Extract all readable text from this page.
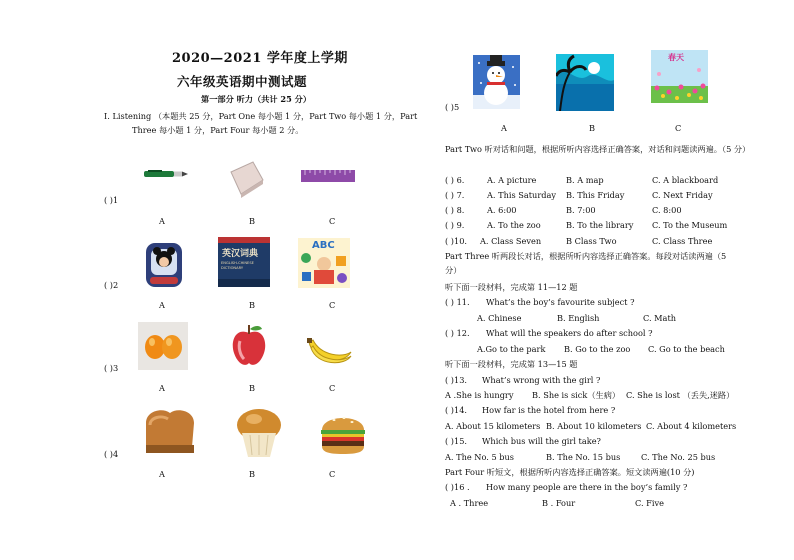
2020—2021 学年度上学期
六年级英语期中测试题
第一部分 听力（共计 25 分）
I. Listening （本题共 25 分，Part One 每小题 1 分，Part Two 每小题 1 分，Part
Three 每小题 1 分，Part Four 每小题 2 分。
( )1
A	B	C
( )2
英汉词典
ENGLISH-CHINESE DICTIONARY
ABC
A	B	C
( )3
A	B	C
( )4
A	B	C
( )5
春天
A	B	C
Part Two 听对话和问题，根据所听内容选择正确答案，对话和问题读两遍。（5 分）
( ) 6.	A. A picture	B. A map	C. A blackboard
( ) 7.	A. This Saturday B. This Friday	C. Next Friday
( ) 8.	A. 6:00	B. 7:00	C. 8:00
( ) 9.	A. To the zoo	B. To the library C. To the Museum
( )10. A. Class Seven	B Class Two	C. Class Three
Part Three 听两段长对话，根据所听内容选择正确答案。每段对话读两遍（5
分）
听下面一段材料，完成第 11—12 题
( ) 11. What’s the boy’s favourite subject ?
A. Chinese	B. English	C. Math
( ) 12. What will the speakers do after school ?
A.Go to the park B. Go to the zoo C. Go to the beach
听下面一段材料，完成第 13—15 题
( )13. What’s wrong with the girl ?
A .She is hungry B. She is sick（生病） C. She is lost （丢失,迷路）
( )14. How far is the hotel from here ?
A. About 15 kilometers B. About 10 kilometers C. About 4 kilometers
( )15. Which bus will the girl take?
A. The No. 5 bus	B. The No. 15 bus	C. The No. 25 bus
Part Four 听短文，根据所听内容选择正确答案。短文读两遍(10 分)
( )16 . How many people are there in the boy’s family ?
A . Three	B . Four	C. Five
